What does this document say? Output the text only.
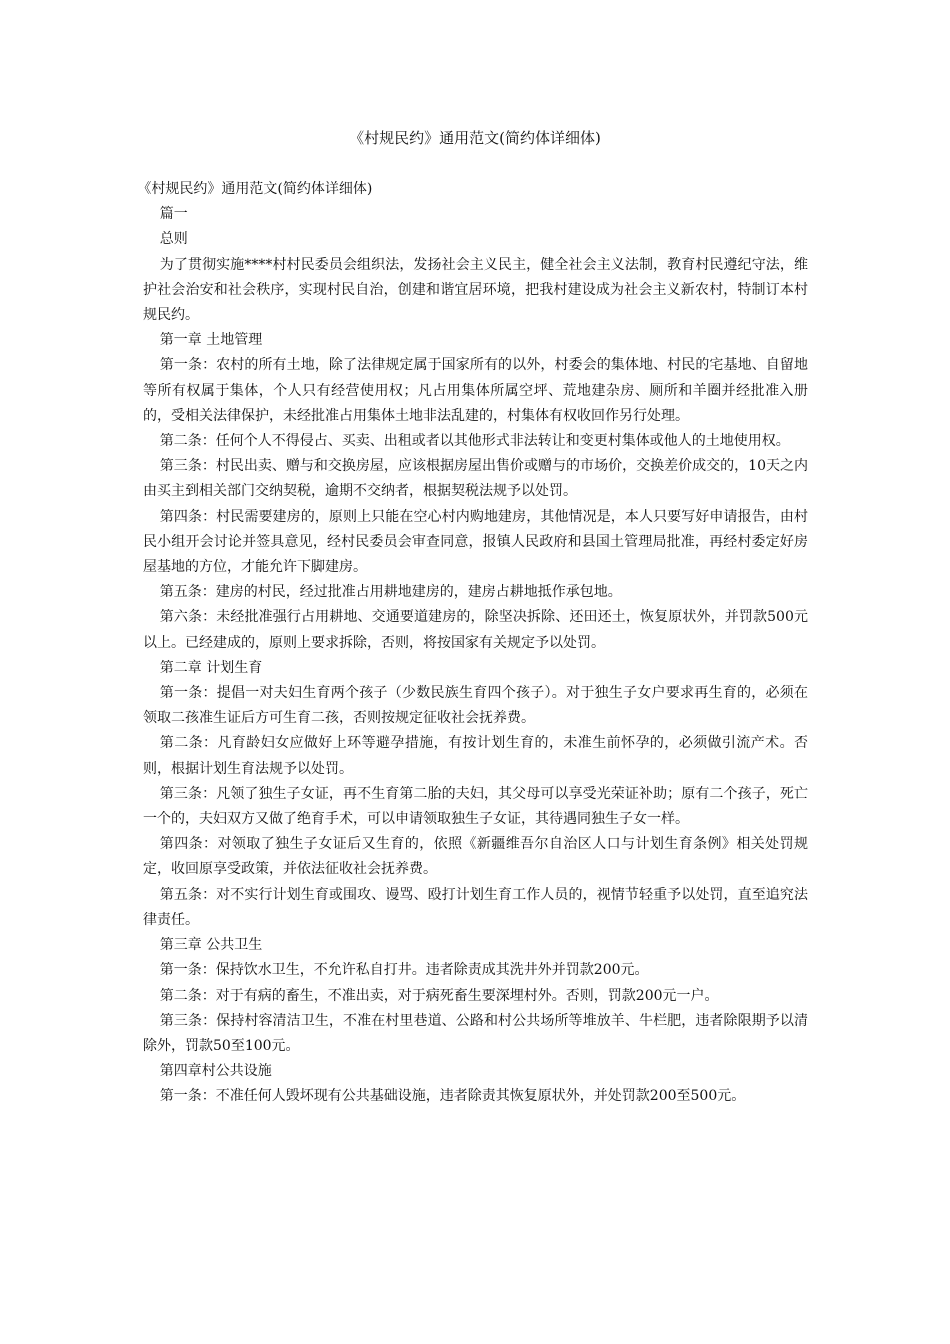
《村规民约》通用范文(简约体详细体)

《村规民约》通用范文(简约体详细体)

篇一

总则

为了贯彻实施****村村民委员会组织法，发扬社会主义民主，健全社会主义法制，教育村民遵纪守法，维护社会治安和社会秩序，实现村民自治，创建和谐宜居环境，把我村建设成为社会主义新农村，特制订本村规民约。

第一章 土地管理

第一条：农村的所有土地，除了法律规定属于国家所有的以外，村委会的集体地、村民的宅基地、自留地等所有权属于集体，个人只有经营使用权；凡占用集体所属空坪、荒地建杂房、厕所和羊圈并经批准入册的，受相关法律保护，未经批准占用集体土地非法乱建的，村集体有权收回作另行处理。

第二条：任何个人不得侵占、买卖、出租或者以其他形式非法转让和变更村集体或他人的土地使用权。

第三条：村民出卖、赠与和交换房屋，应该根据房屋出售价或赠与的市场价，交换差价成交的，10天之内由买主到相关部门交纳契税，逾期不交纳者，根据契税法规予以处罚。

第四条：村民需要建房的，原则上只能在空心村内购地建房，其他情况是，本人只要写好申请报告，由村民小组开会讨论并签具意见，经村民委员会审查同意，报镇人民政府和县国土管理局批准，再经村委定好房屋基地的方位，才能允许下脚建房。

第五条：建房的村民，经过批准占用耕地建房的，建房占耕地抵作承包地。

第六条：未经批准强行占用耕地、交通要道建房的，除坚决拆除、还田还土，恢复原状外，并罚款500元以上。已经建成的，原则上要求拆除，否则，将按国家有关规定予以处罚。

第二章 计划生育

第一条：提倡一对夫妇生育两个孩子（少数民族生育四个孩子）。对于独生子女户要求再生育的，必须在领取二孩准生证后方可生育二孩，否则按规定征收社会抚养费。

第二条：凡育龄妇女应做好上环等避孕措施，有按计划生育的，未准生前怀孕的，必须做引流产术。否则，根据计划生育法规予以处罚。

第三条：凡领了独生子女证，再不生育第二胎的夫妇，其父母可以享受光荣证补助；原有二个孩子，死亡一个的，夫妇双方又做了绝育手术，可以申请领取独生子女证，其待遇同独生子女一样。

第四条：对领取了独生子女证后又生育的，依照《新疆维吾尔自治区人口与计划生育条例》相关处罚规定，收回原享受政策，并依法征收社会抚养费。

第五条：对不实行计划生育或围攻、谩骂、殴打计划生育工作人员的，视情节轻重予以处罚，直至追究法律责任。

第三章 公共卫生

第一条：保持饮水卫生，不允许私自打井。违者除责成其洗井外并罚款200元。

第二条：对于有病的畜生，不准出卖，对于病死畜生要深埋村外。否则，罚款200元一户。

第三条：保持村容清洁卫生，不准在村里巷道、公路和村公共场所等堆放羊、牛栏肥，违者除限期予以清除外，罚款50至100元。

第四章村公共设施

第一条：不准任何人毁坏现有公共基础设施，违者除责其恢复原状外，并处罚款200至500元。
